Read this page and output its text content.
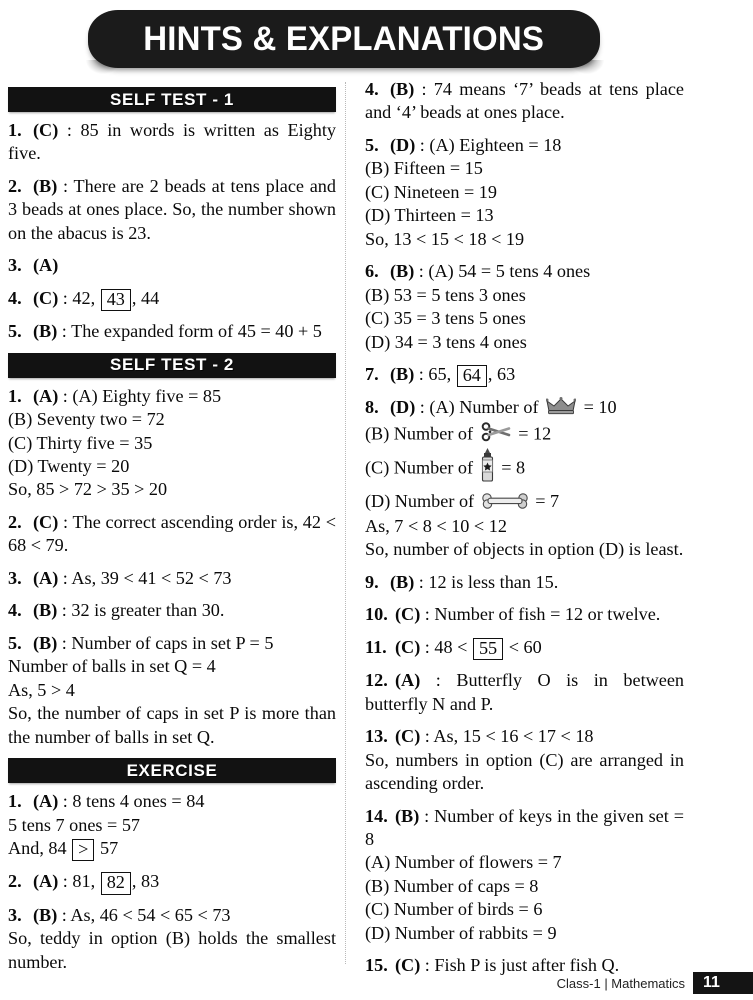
HINTS & EXPLANATIONS
SELF TEST - 1
1. (C) : 85 in words is written as Eighty five.
2. (B) : There are 2 beads at tens place and 3 beads at ones place. So, the number shown on the abacus is 23.
3. (A)
4. (C) : 42, 43 , 44
5. (B) : The expanded form of 45 = 40 + 5
SELF TEST - 2
1. (A) : (A) Eighty five = 85
(B) Seventy two = 72
(C) Thirty five = 35
(D) Twenty = 20
So, 85 > 72 > 35 > 20
2. (C) : The correct ascending order is, 42 < 68 < 79.
3. (A) : As, 39 < 41 < 52 < 73
4. (B) : 32 is greater than 30.
5. (B) : Number of caps in set P = 5
Number of balls in set Q = 4
As, 5 > 4
So, the number of caps in set P is more than the number of balls in set Q.
EXERCISE
1. (A) : 8 tens 4 ones = 84
5 tens 7 ones = 57
And, 84 > 57
2. (A) : 81, 82 , 83
3. (B) : As, 46 < 54 < 65 < 73
So, teddy in option (B) holds the smallest number.
4. (B) : 74 means ‘7’ beads at tens place and ‘4’ beads at ones place.
5. (D) : (A) Eighteen = 18
(B) Fifteen = 15
(C) Nineteen = 19
(D) Thirteen = 13
So, 13 < 15 < 18 < 19
6. (B) : (A) 54 = 5 tens 4 ones
(B) 53 = 5 tens 3 ones
(C) 35 = 3 tens 5 ones
(D) 34 = 3 tens 4 ones
7. (B) : 65, 64 , 63
8. (D) : (A) Number of  = 10
(B) Number of  = 12
(C) Number of  = 8
(D) Number of	= 7
As, 7 < 8 < 10 < 12
So, number of objects in option (D) is least.
9. (B) : 12 is less than 15.
10. (C) : Number of fish = 12 or twelve.
11. (C) : 48 < 55 < 60
12. (A) : Butterfly O is in between butterfly N and P.
13. (C) : As, 15 < 16 < 17 < 18
So, numbers in option (C) are arranged in ascending order.
14. (B) : Number of keys in the given set = 8
(A) Number of flowers = 7
(B) Number of caps = 8
(C) Number of birds = 6
(D) Number of rabbits = 9
15. (C) : Fish P is just after fish Q.
Class-1 | Mathematics	11
